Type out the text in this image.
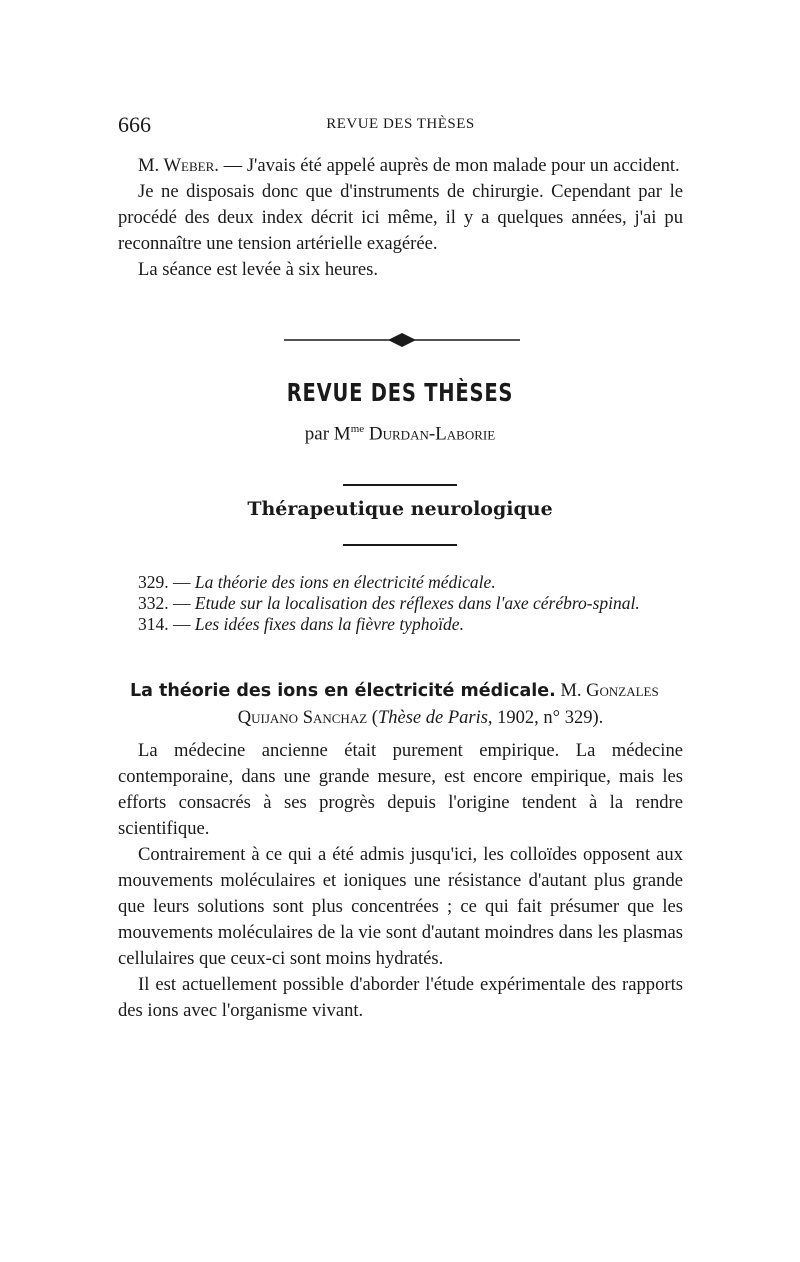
666	REVUE DES THÈSES

M. Weber. — J'avais été appelé auprès de mon malade pour un accident.

Je ne disposais donc que d'instruments de chirurgie. Cependant par le procédé des deux index décrit ici même, il y a quelques années, j'ai pu reconnaître une tension artérielle exagérée.

La séance est levée à six heures.

REVUE DES THÈSES
par $M^{me}$ Durdan-Laborie
Thérapeutique neurologique

329. — La théorie des ions en électricité médicale.

332. — Etude sur la localisation des réflexes dans l'axe cérébro-spinal.

314. — Les idées fixes dans la fièvre typhoïde.

La théorie des ions en électricité médicale. M. Gonzales
Quijano Sanchaz (Thèse de Paris, 1902, n° 329).

La médecine ancienne était purement empirique. La médecine contemporaine, dans une grande mesure, est encore empirique, mais les efforts consacrés à ses progrès depuis l'origine tendent à la rendre scientifique.

Contrairement à ce qui a été admis jusqu'ici, les colloïdes opposent aux mouvements moléculaires et ioniques une résistance d'autant plus grande que leurs solutions sont plus concentrées ; ce qui fait présumer que les mouvements moléculaires de la vie sont d'autant moindres dans les plasmas cellulaires que ceux-ci sont moins hydratés.

Il est actuellement possible d'aborder l'étude expérimentale des rapports des ions avec l'organisme vivant.
